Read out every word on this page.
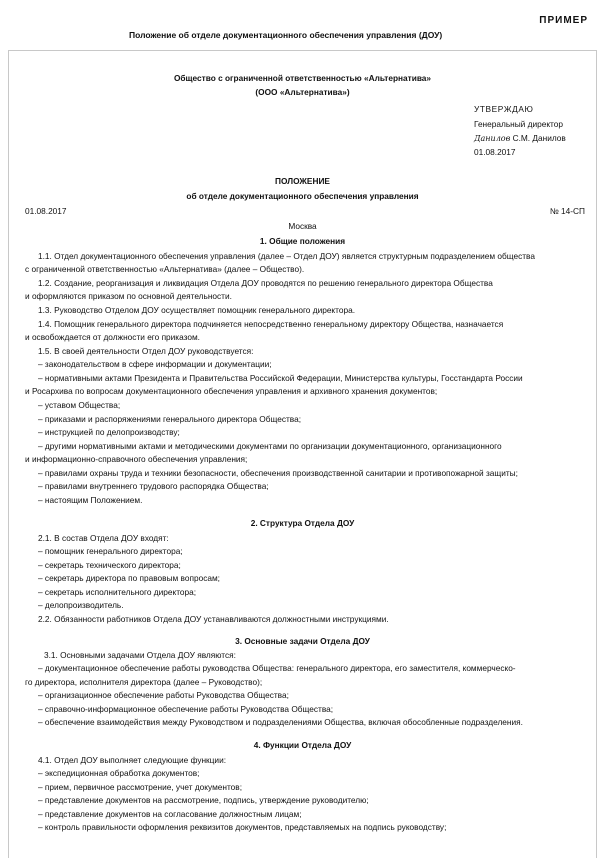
ПРИМЕР
Положение об отделе документационного обеспечения управления (ДОУ)
Общество с ограниченной ответственностью «Альтернатива»
(ООО «Альтернатива»)
УТВЕРЖДАЮ
Генеральный директор
Данилов С.М. Данилов
01.08.2017
ПОЛОЖЕНИЕ
об отделе документационного обеспечения управления
01.08.2017	№ 14-СП
Москва
1. Общие положения
1.1. Отдел документационного обеспечения управления (далее – Отдел ДОУ) является структурным подразделением общества
с ограниченной ответственностью «Альтернатива» (далее – Общество).
1.2. Создание, реорганизация и ликвидация Отдела ДОУ проводятся по решению генерального директора Общества
и оформляются приказом по основной деятельности.
1.3. Руководство Отделом ДОУ осуществляет помощник генерального директора.
1.4. Помощник генерального директора подчиняется непосредственно генеральному директору Общества, назначается
и освобождается от должности его приказом.
1.5. В своей деятельности Отдел ДОУ руководствуется:
– законодательством в сфере информации и документации;
– нормативными актами Президента и Правительства Российской Федерации, Министерства культуры, Госстандарта России
и Росархива по вопросам документационного обеспечения управления и архивного хранения документов;
– уставом Общества;
– приказами и распоряжениями генерального директора Общества;
– инструкцией по делопроизводству;
– другими нормативными актами и методическими документами по организации документационного, организационного
и информационно-справочного обеспечения управления;
– правилами охраны труда и техники безопасности, обеспечения производственной санитарии и противопожарной защиты;
– правилами внутреннего трудового распорядка Общества;
– настоящим Положением.
2. Структура Отдела ДОУ
2.1. В состав Отдела ДОУ входят:
– помощник генерального директора;
– секретарь технического директора;
– секретарь директора по правовым вопросам;
– секретарь исполнительного директора;
– делопроизводитель.
2.2. Обязанности работников Отдела ДОУ устанавливаются должностными инструкциями.
3. Основные задачи Отдела ДОУ
3.1. Основными задачами Отдела ДОУ являются:
– документационное обеспечение работы руководства Общества: генерального директора, его заместителя, коммерческо-
го директора, исполнителя директора (далее – Руководство);
– организационное обеспечение работы Руководства Общества;
– справочно-информационное обеспечение работы Руководства Общества;
– обеспечение взаимодействия между Руководством и подразделениями Общества, включая обособленные подразделения.
4. Функции Отдела ДОУ
4.1. Отдел ДОУ выполняет следующие функции:
– экспедиционная обработка документов;
– прием, первичное рассмотрение, учет документов;
– представление документов на рассмотрение, подпись, утверждение руководителю;
– представление документов на согласование должностным лицам;
– контроль правильности оформления реквизитов документов, представляемых на подпись руководству;
